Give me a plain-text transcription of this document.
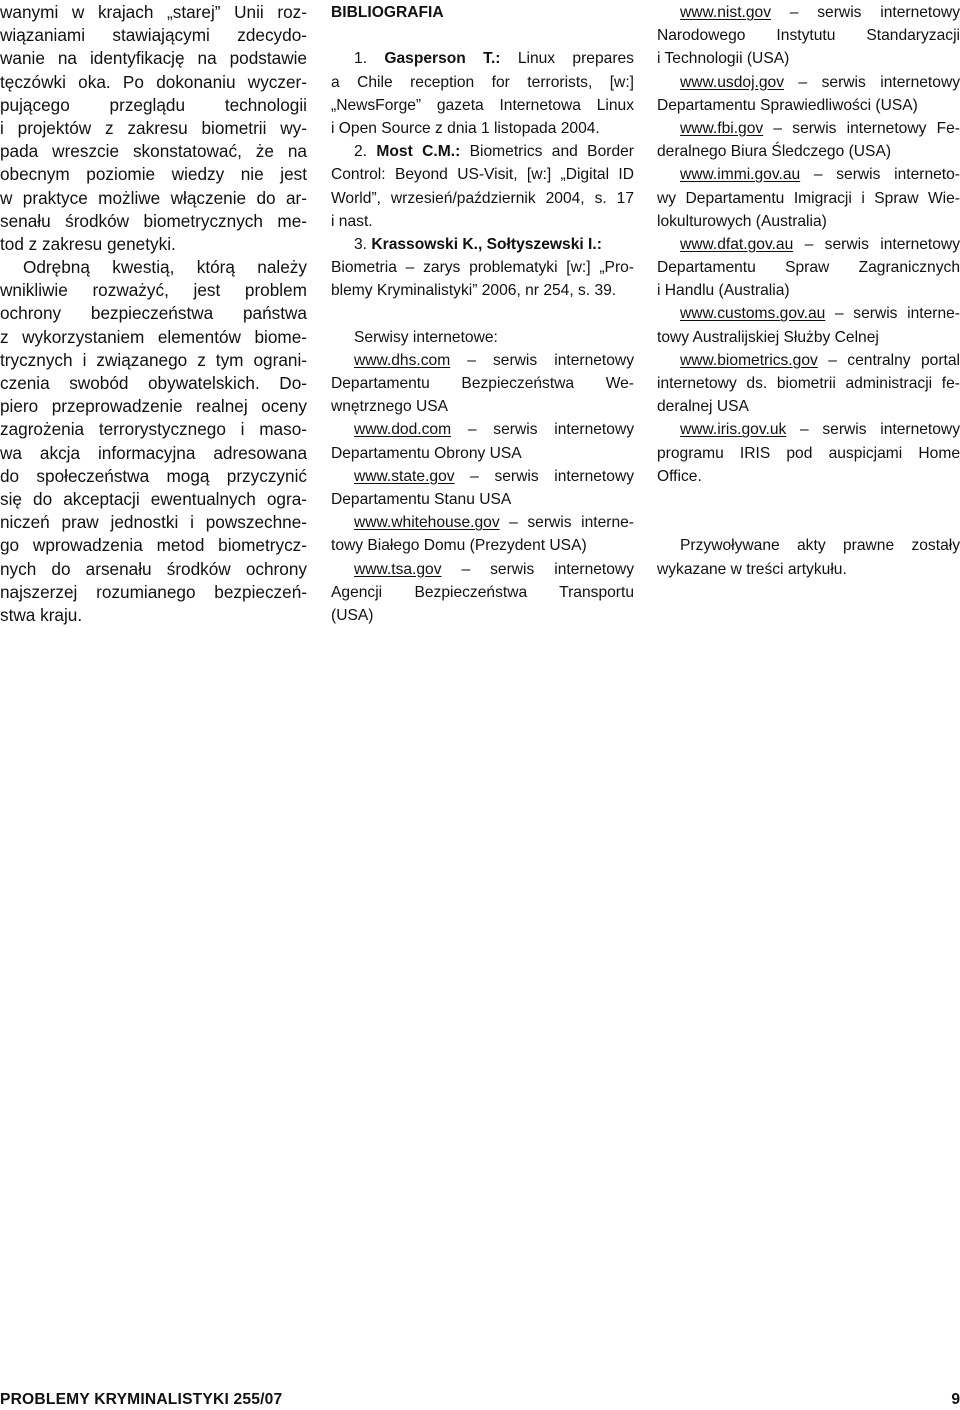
wanymi w krajach „starej” Unii roz-
wiązaniami stawiającymi zdecydo-
wanie na identyfikację na podstawie
tęczówki oka. Po dokonaniu wyczer-
pującego przeglądu technologii
i projektów z zakresu biometrii wy-
pada wreszcie skonstatować, że na
obecnym poziomie wiedzy nie jest
w praktyce możliwe włączenie do ar-
senału środków biometrycznych me-
tod z zakresu genetyki.
Odrębną kwestią, którą należy
wnikliwie rozważyć, jest problem
ochrony bezpieczeństwa państwa
z wykorzystaniem elementów biome-
trycznych i związanego z tym ograni-
czenia swobód obywatelskich. Do-
piero przeprowadzenie realnej oceny
zagrożenia terrorystycznego i maso-
wa akcja informacyjna adresowana
do społeczeństwa mogą przyczynić
się do akceptacji ewentualnych ogra-
niczeń praw jednostki i powszechne-
go wprowadzenia metod biometrycz-
nych do arsenału środków ochrony
najszerzej rozumianego bezpieczeń-
stwa kraju.
BIBLIOGRAFIA
1. Gasperson T.: Linux prepares
a Chile reception for terrorists, [w:]
„NewsForge” gazeta Internetowa Linux
i Open Source z dnia 1 listopada 2004.
2. Most C.M.: Biometrics and Border
Control: Beyond US-Visit, [w:] „Digital ID
World”, wrzesień/październik 2004, s. 17
i nast.
3. Krassowski K., Sołtyszewski I.:
Biometria – zarys problematyki [w:] „Pro-
blemy Kryminalistyki” 2006, nr 254, s. 39.
Serwisy internetowe:
www.dhs.com – serwis internetowy
Departamentu Bezpieczeństwa We-
wnętrznego USA
www.dod.com – serwis internetowy
Departamentu Obrony USA
www.state.gov – serwis internetowy
Departamentu Stanu USA
www.whitehouse.gov – serwis interne-
towy Białego Domu (Prezydent USA)
www.tsa.gov – serwis internetowy
Agencji Bezpieczeństwa Transportu
(USA)
www.nist.gov – serwis internetowy
Narodowego Instytutu Standaryzacji
i Technologii (USA)
www.usdoj.gov – serwis internetowy
Departamentu Sprawiedliwości (USA)
www.fbi.gov – serwis internetowy Fe-
deralnego Biura Śledczego (USA)
www.immi.gov.au – serwis interneto-
wy Departamentu Imigracji i Spraw Wie-
lokulturowych (Australia)
www.dfat.gov.au – serwis internetowy
Departamentu Spraw Zagranicznych
i Handlu (Australia)
www.customs.gov.au – serwis interne-
towy Australijskiej Służby Celnej
www.biometrics.gov – centralny portal
internetowy ds. biometrii administracji fe-
deralnej USA
www.iris.gov.uk – serwis internetowy
programu IRIS pod auspicjami Home
Office.
Przywoływane akty prawne zostały
wykazane w treści artykułu.
PROBLEMY KRYMINALISTYKI 255/07	9
